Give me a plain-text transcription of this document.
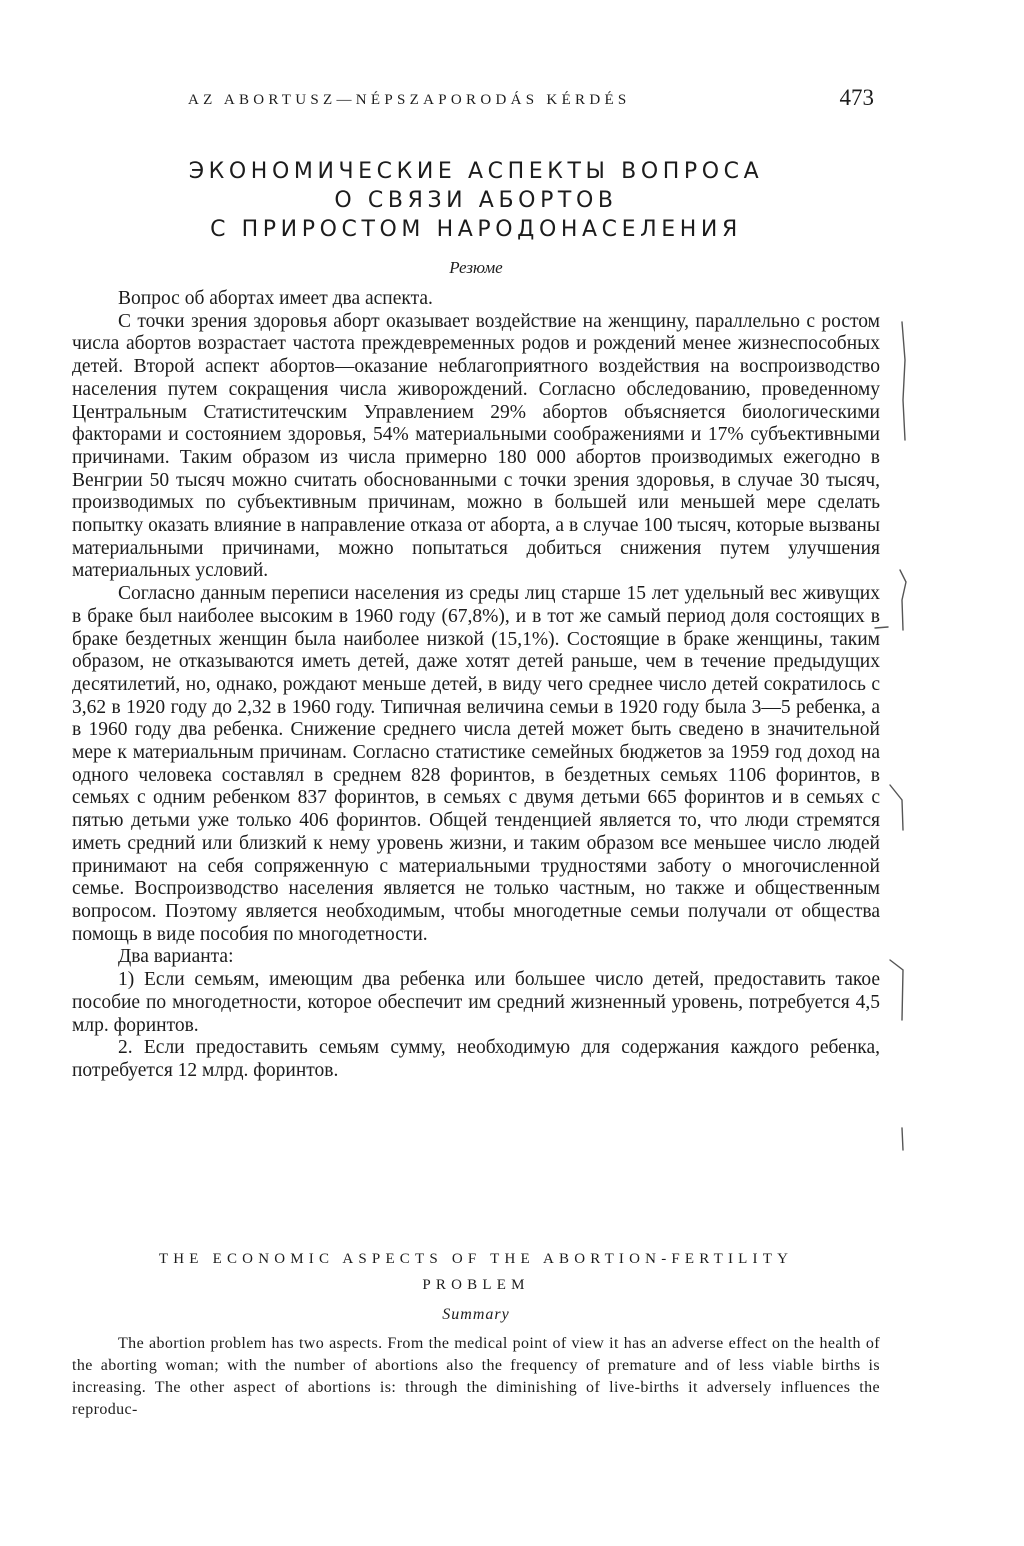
AZ ABORTUSZ—NÉPSZAPORODÁS KÉRDÉS	473
ЭКОНОМИЧЕСКИЕ АСПЕКТЫ ВОПРОСА
О СВЯЗИ АБОРТОВ
С ПРИРОСТОМ НАРОДОНАСЕЛЕНИЯ
Резюме

Вопрос об абортах имеет два аспекта.

С точки зрения здоровья аборт оказывает воздействие на женщину, параллельно с ростом числа абортов возрастает частота преждевременных родов и рождений менее жизнеспособных детей. Второй аспект абортов—оказание неблагоприятного воздействия на воспроизводство населения путем сокращения числа живорождений. Согласно обследованию, проведенному Центральным Статиститечским Управлением 29% абортов объясняется биологическими факторами и состоянием здоровья, 54% материальными соображениями и 17% субъективными причинами. Таким образом из числа примерно 180 000 абортов производимых ежегодно в Венгрии 50 тысяч можно считать обоснованными с точки зрения здоровья, в случае 30 тысяч, производимых по субъективным причинам, можно в большей или меньшей мере сделать попытку оказать влияние в направление отказа от аборта, а в случае 100 тысяч, которые вызваны материальными причинами, можно попытаться добиться снижения путем улучшения материальных условий.

Согласно данным переписи населения из среды лиц старше 15 лет удельный вес живущих в браке был наиболее высоким в 1960 году (67,8%), и в тот же самый период доля состоящих в браке бездетных женщин была наиболее низкой (15,1%). Состоящие в браке женщины, таким образом, не отказываются иметь детей, даже хотят детей раньше, чем в течение предыдущих десятилетий, но, однако, рождают меньше детей, в виду чего среднее число детей сократилось с 3,62 в 1920 году до 2,32 в 1960 году. Типичная величина семьи в 1920 году была 3—5 ребенка, а в 1960 году два ребенка. Снижение среднего числа детей может быть сведено в значительной мере к материальным причинам. Согласно статистике семейных бюджетов за 1959 год доход на одного человека составлял в среднем 828 форинтов, в бездетных семьях 1106 форинтов, в семьях с одним ребенком 837 форинтов, в семьях с двумя детьми 665 форинтов и в семьях с пятью детьми уже только 406 форинтов. Общей тенденцией является то, что люди стремятся иметь средний или близкий к нему уровень жизни, и таким образом все меньшее число людей принимают на себя сопряженную с материальными трудностями заботу о многочисленной семье. Воспроизводство населения является не только частным, но также и общественным вопросом. Поэтому является необходимым, чтобы многодетные семьи получали от общества помощь в виде пособия по многодетности.

Два варианта:

1) Если семьям, имеющим два ребенка или большее число детей, предоставить такое пособие по многодетности, которое обеспечит им средний жизненный уровень, потребуется 4,5 млр. форинтов.

2. Если предоставить семьям сумму, необходимую для содержания каждого ребенка, потребуется 12 млрд. форинтов.

THE ECONOMIC ASPECTS OF THE ABORTION-FERTILITY
PROBLEM
Summary

The abortion problem has two aspects. From the medical point of view it has an adverse effect on the health of the aborting woman; with the number of abortions also the frequency of premature and of less viable births is increasing. The other aspect of abortions is: through the diminishing of live-births it adversely influences the reproduc-
